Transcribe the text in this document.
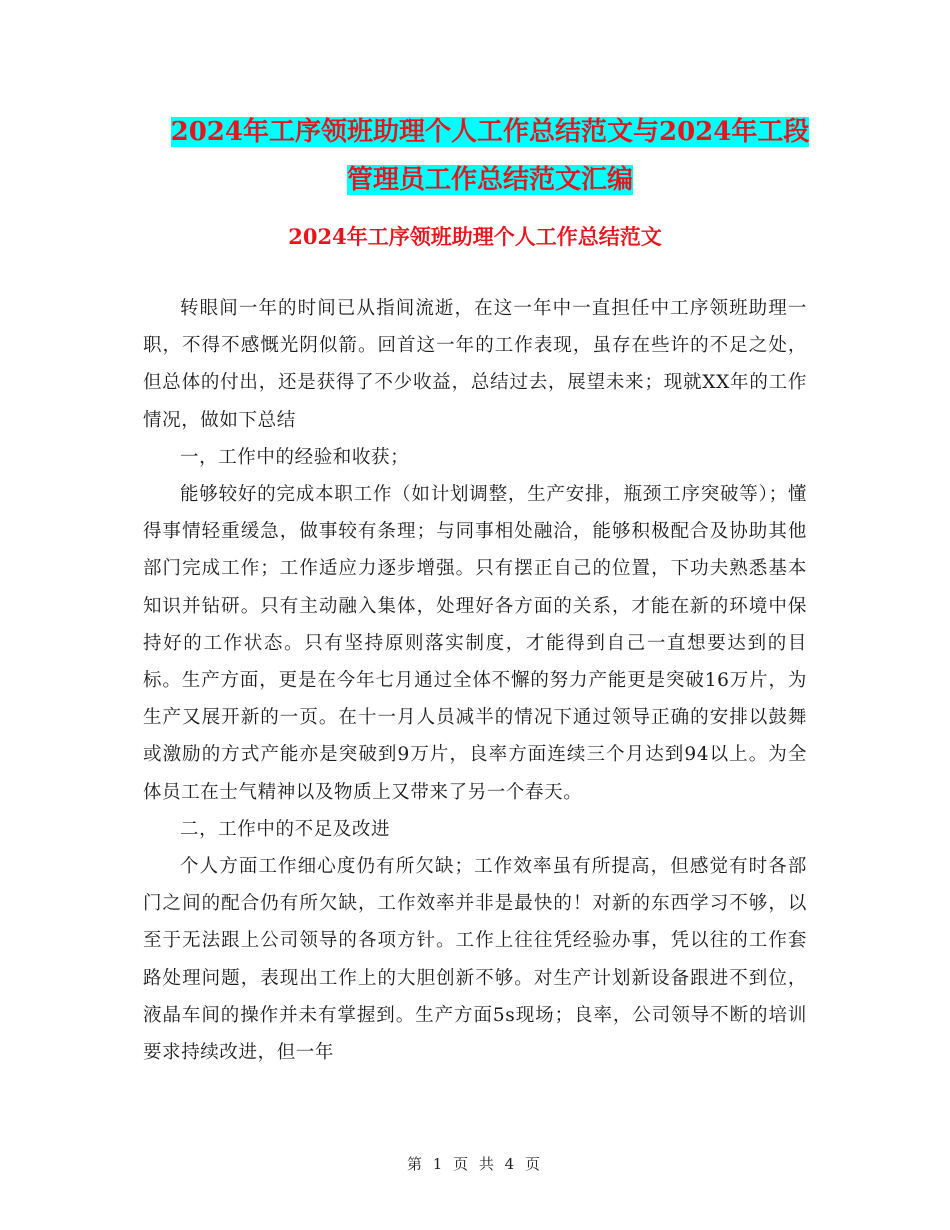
2024年工序领班助理个人工作总结范文与2024年工段
管理员工作总结范文汇编
2024年工序领班助理个人工作总结范文

转眼间一年的时间已从指间流逝，在这一年中一直担任中工序领班助理一职，不得不感慨光阴似箭。回首这一年的工作表现，虽存在些许的不足之处，但总体的付出，还是获得了不少收益，总结过去，展望未来；现就XX年的工作情况，做如下总结

一，工作中的经验和收获；

能够较好的完成本职工作（如计划调整，生产安排，瓶颈工序突破等）；懂得事情轻重缓急，做事较有条理；与同事相处融洽，能够积极配合及协助其他部门完成工作；工作适应力逐步增强。只有摆正自己的位置，下功夫熟悉基本知识并钻研。只有主动融入集体，处理好各方面的关系，才能在新的环境中保持好的工作状态。只有坚持原则落实制度，才能得到自己一直想要达到的目标。生产方面，更是在今年七月通过全体不懈的努力产能更是突破16万片，为生产又展开新的一页。在十一月人员减半的情况下通过领导正确的安排以鼓舞或激励的方式产能亦是突破到9万片，良率方面连续三个月达到94以上。为全体员工在士气精神以及物质上又带来了另一个春天。

二，工作中的不足及改进

个人方面工作细心度仍有所欠缺；工作效率虽有所提高，但感觉有时各部门之间的配合仍有所欠缺，工作效率并非是最快的！对新的东西学习不够，以至于无法跟上公司领导的各项方针。工作上往往凭经验办事，凭以往的工作套路处理问题，表现出工作上的大胆创新不够。对生产计划新设备跟进不到位，液晶车间的操作并未有掌握到。生产方面5s现场；良率，公司领导不断的培训要求持续改进，但一年

第 1 页 共 4 页
